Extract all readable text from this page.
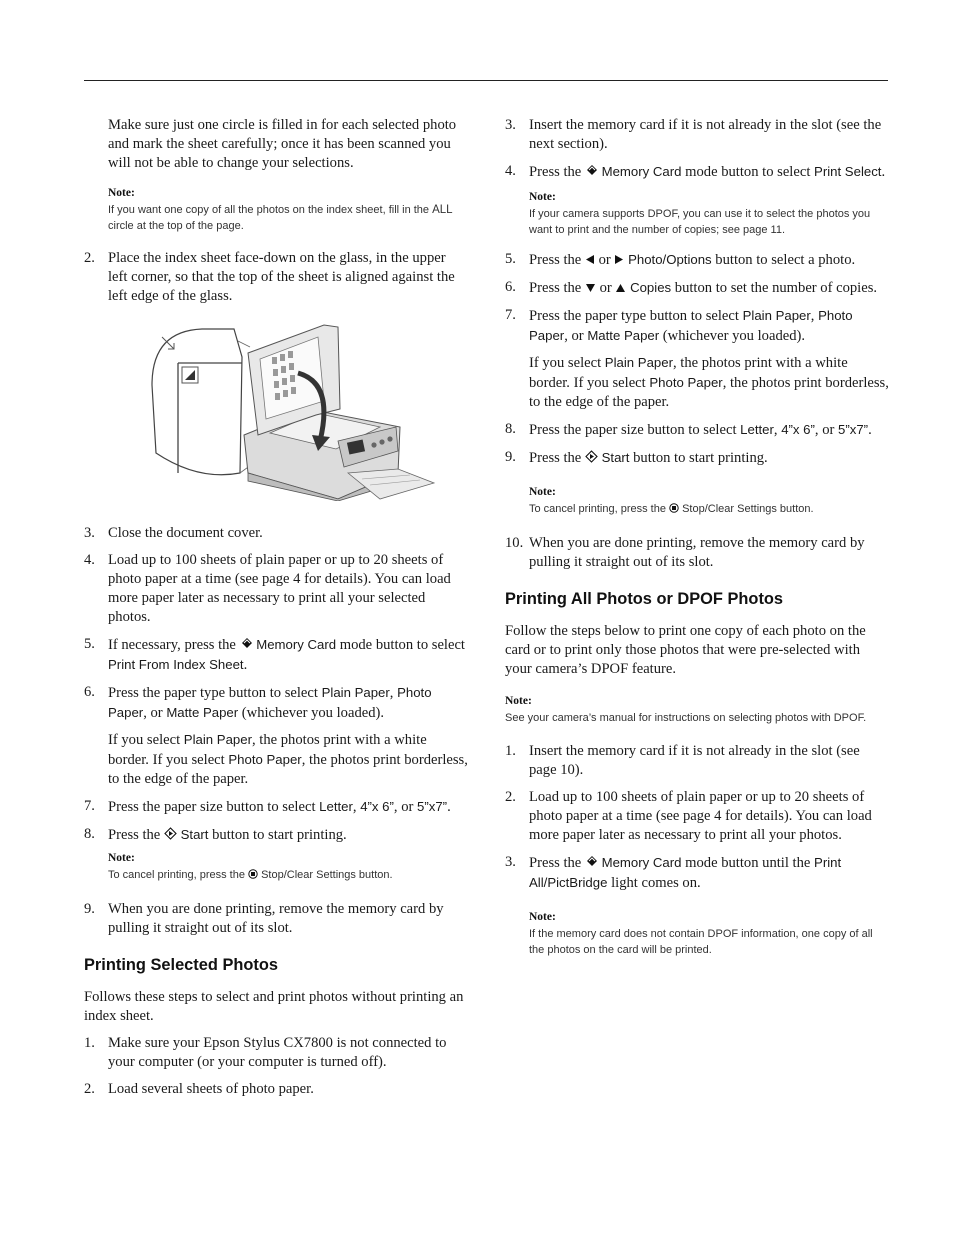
Make sure just one circle is filled in for each selected photo and mark the sheet carefully; once it has been scanned you will not be able to change your selections.

Note:
If you want one copy of all the photos on the index sheet, fill in the ALL circle at the top of the page.
2. Place the index sheet face-down on the glass, in the upper left corner, so that the top of the sheet is aligned against the left edge of the glass.
3. Close the document cover.
4. Load up to 100 sheets of plain paper or up to 20 sheets of photo paper at a time (see page 4 for details). You can load more paper later as necessary to print all your selected photos.
5. If necessary, press the  Memory Card mode button to select Print From Index Sheet.
6. Press the paper type button to select Plain Paper, Photo Paper, or Matte Paper (whichever you loaded).

If you select Plain Paper, the photos print with a white border. If you select Photo Paper, the photos print borderless, to the edge of the paper.

7. Press the paper size button to select Letter, 4”x 6”, or 5”x7”.
8. Press the  Start button to start printing.
Note:
To cancel printing, press the  Stop/Clear Settings button.
9. When you are done printing, remove the memory card by pulling it straight out of its slot.
Printing Selected Photos

Follows these steps to select and print photos without printing an index sheet.

1. Make sure your Epson Stylus CX7800 is not connected to your computer (or your computer is turned off).
2. Load several sheets of photo paper.
3. Insert the memory card if it is not already in the slot (see the next section).
4. Press the  Memory Card mode button to select Print Select.
Note:
If your camera supports DPOF, you can use it to select the photos you want to print and the number of copies; see page 11.
5. Press the  or  Photo/Options button to select a photo.
6. Press the  or  Copies button to set the number of copies.
7. Press the paper type button to select Plain Paper, Photo Paper, or Matte Paper (whichever you loaded).

If you select Plain Paper, the photos print with a white border. If you select Photo Paper, the photos print borderless, to the edge of the paper.

8. Press the paper size button to select Letter, 4”x 6”, or 5”x7”.
9. Press the  Start button to start printing.
Note:
To cancel printing, press the  Stop/Clear Settings button.
10. When you are done printing, remove the memory card by pulling it straight out of its slot.
Printing All Photos or DPOF Photos

Follow the steps below to print one copy of each photo on the card or to print only those photos that were pre-selected with your camera’s DPOF feature.

Note:
See your camera’s manual for instructions on selecting photos with DPOF.
1. Insert the memory card if it is not already in the slot (see page 10).
2. Load up to 100 sheets of plain paper or up to 20 sheets of photo paper at a time (see page 4 for details). You can load more paper later as necessary to print all your photos.
3. Press the  Memory Card mode button until the Print All/PictBridge light comes on.
Note:
If the memory card does not contain DPOF information, one copy of all the photos on the card will be printed.
